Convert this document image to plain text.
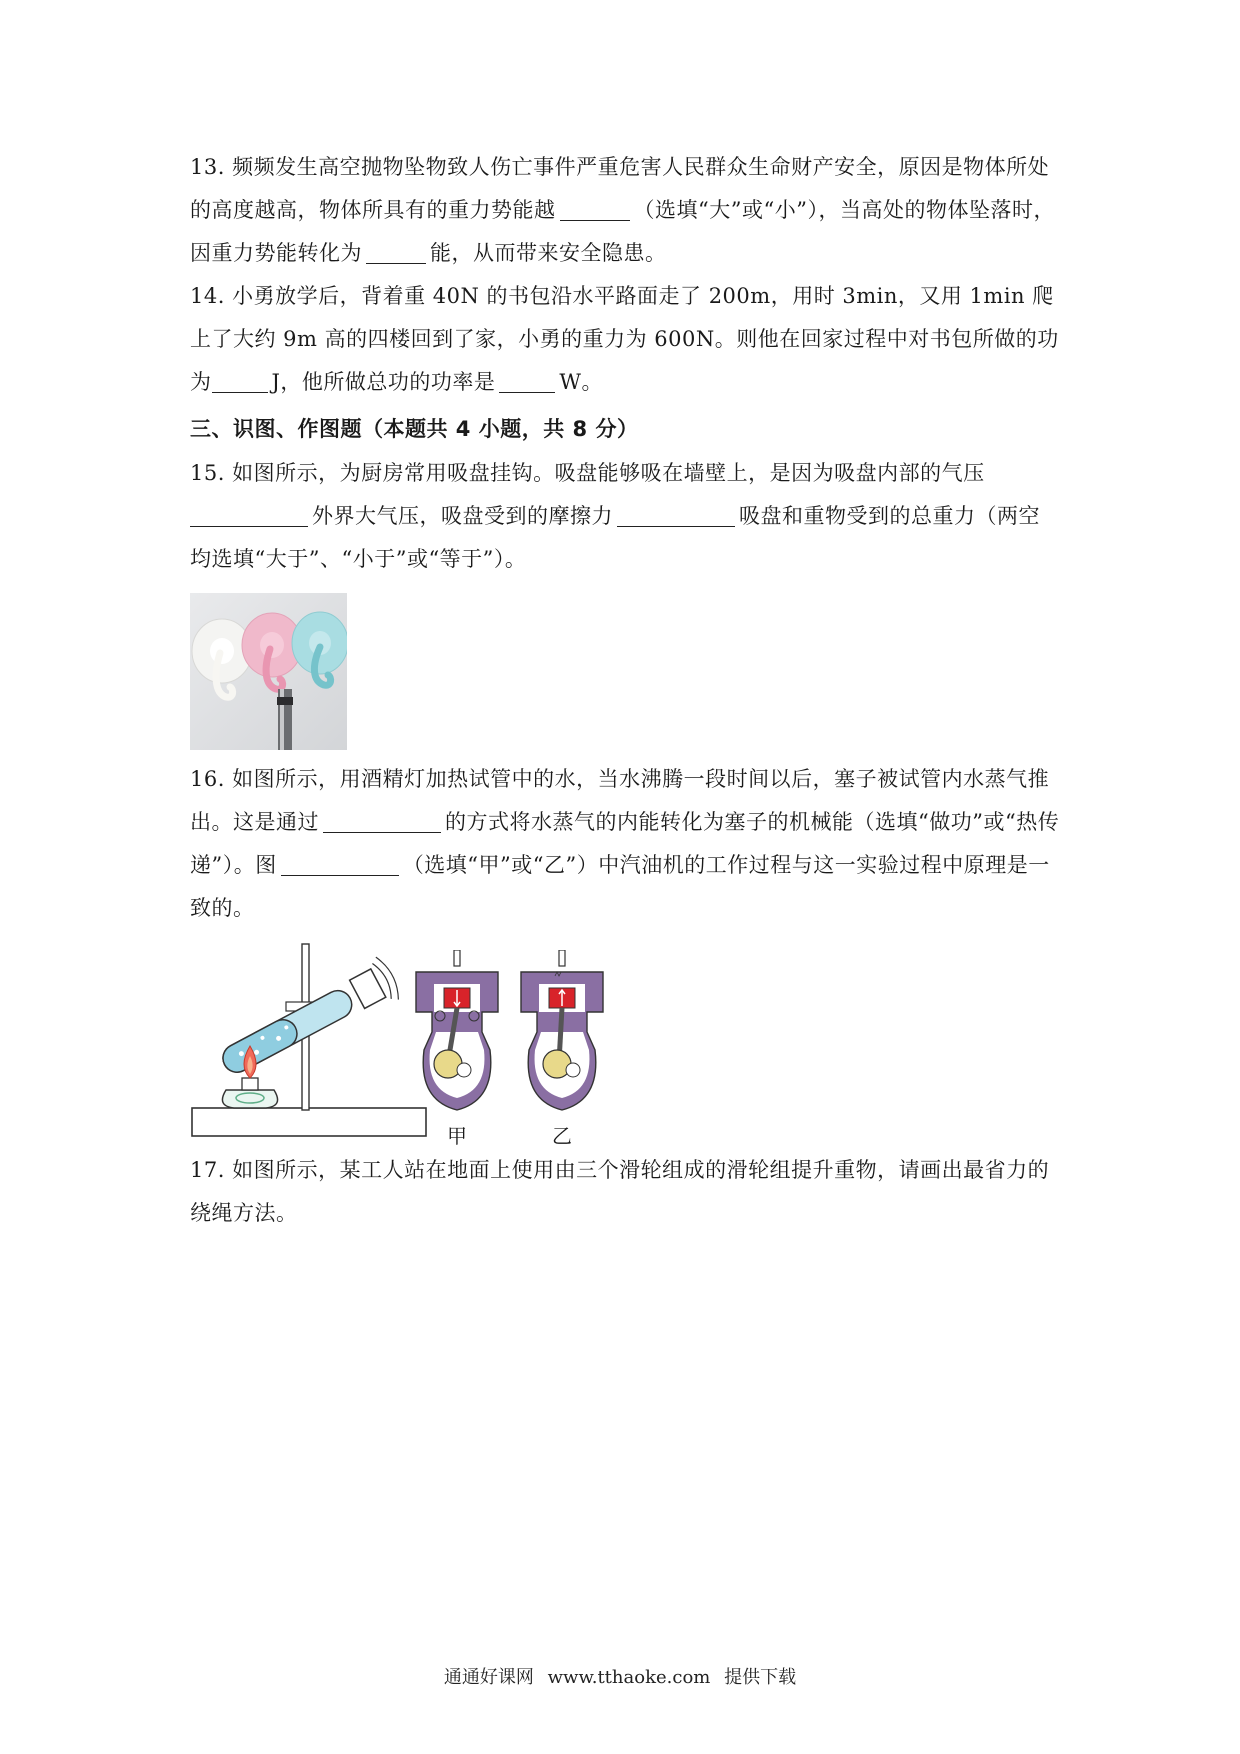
13. 频频发生高空抛物坠物致人伤亡事件严重危害人民群众生命财产安全，原因是物体所处的高度越高，物体所具有的重力势能越	（选填“大”或“小”），当高处的物体坠落时，因重力势能转化为	能，从而带来安全隐患。

14. 小勇放学后，背着重 40N 的书包沿水平路面走了 200m，用时 3min，又用 1min 爬上了大约 9m 高的四楼回到了家，小勇的重力为 600N。则他在回家过程中对书包所做的功为	J，他所做总功的功率是	W。

三、识图、作图题（本题共 4 小题，共 8 分）

15. 如图所示，为厨房常用吸盘挂钩。吸盘能够吸在墙壁上，是因为吸盘内部的气压外界大气压，吸盘受到的摩擦力	吸盘和重物受到的总重力（两空均选填“大于”、“小于”或“等于”）。

16. 如图所示，用酒精灯加热试管中的水，当水沸腾一段时间以后，塞子被试管内水蒸气推出。这是通过	的方式将水蒸气的内能转化为塞子的机械能（选填“做功”或“热传递”）。图	（选填“甲”或“乙”）中汽油机的工作过程与这一实验过程中原理是一致的。

甲	乙

17. 如图所示，某工人站在地面上使用由三个滑轮组成的滑轮组提升重物，请画出最省力的绕绳方法。

通通好课网 www.tthaoke.com 提供下载
